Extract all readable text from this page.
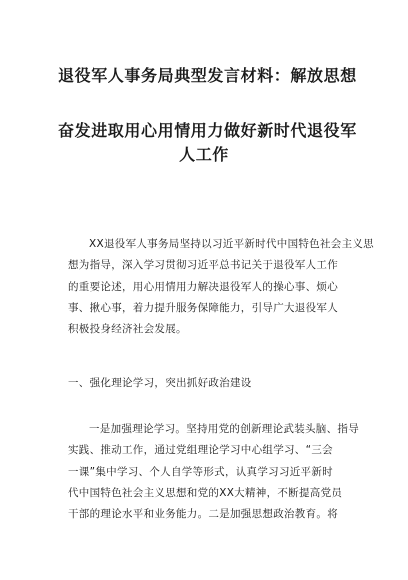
退役军人事务局典型发言材料：解放思想
奋发进取用心用情用力做好新时代退役军
人工作
XX退役军人事务局坚持以习近平新时代中国特色社会主义思
想为指导，深入学习贯彻习近平总书记关于退役军人工作
的重要论述，用心用情用力解决退役军人的操心事、烦心
事、揪心事，着力提升服务保障能力，引导广大退役军人
积极投身经济社会发展。
一、强化理论学习，突出抓好政治建设
一是加强理论学习。坚持用党的创新理论武装头脑、指导
实践、推动工作，通过党组理论学习中心组学习、“三会
一课”集中学习、个人自学等形式，认真学习习近平新时
代中国特色社会主义思想和党的XX大精神，不断提高党员
干部的理论水平和业务能力。二是加强思想政治教育。将
